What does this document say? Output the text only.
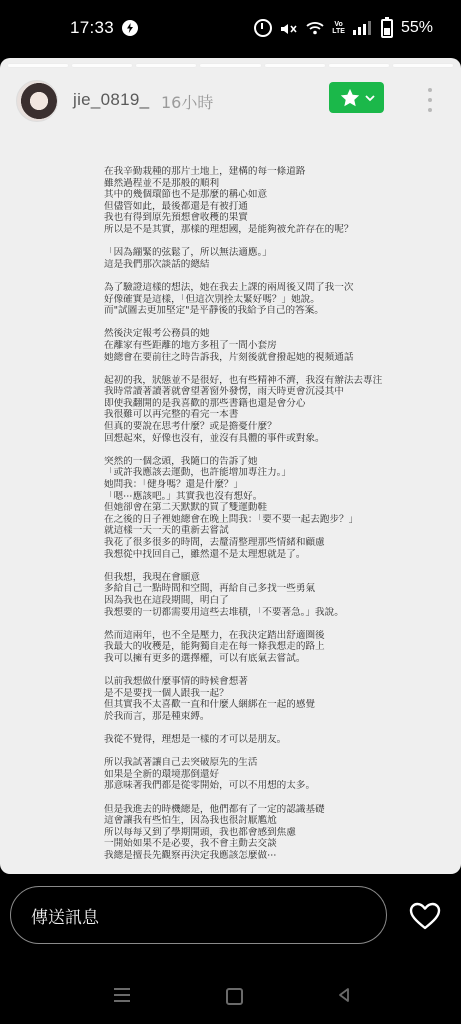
17:33	Vo
LTE	55%
jie_0819_ 16小時
在我辛勤栽種的那片土地上，建構的每一條道路
雖然過程並不是那般的順利
其中的幾個環節也不是那麼的稱心如意
但儘管如此，最後都還是有被打通
我也有得到原先預想會收穫的果實
所以是不是其實，那樣的理想國，是能夠被允許存在的呢？
「因為繃緊的弦鬆了，所以無法適應。」
這是我們那次談話的總結
為了驗證這樣的想法，她在我去上課的兩周後又問了我一次
好像確實是這樣，「但這次別拴太緊好嗎？」她說。
而"試圖去更加堅定"是平靜後的我給予自己的答案。
然後決定報考公務員的她
在離家有些距離的地方多租了一間小套房
她總會在要前往之時告訴我，片刻後就會撥起她的視頻通話
起初的我，狀態並不是很好，也有些精神不濟，我沒有辦法去專注
我時常讀著讀著就會望著窗外發愣，雨天時更會沉浸其中
即使我翻開的是我喜歡的那些書籍也還是會分心
我很難可以再完整的看完一本書
但真的要說在思考什麼？或是擔憂什麼？
回想起來，好像也沒有，並沒有具體的事件或對象。
突然的一個念頭，我隨口的告訴了她
「或許我應該去運動，也許能增加專注力。」
她問我：「健身嗎？還是什麼？」
「嗯⋯應該吧。」其實我也沒有想好。
但她卻會在第二天默默的買了雙運動鞋
在之後的日子裡她總會在晚上問我：「要不要一起去跑步？」
就這樣一天一天的重新去嘗試
我花了很多很多的時間，去釐清整理那些情緒和顧慮
我想從中找回自己，雖然還不是太理想就是了。
但我想，我現在會願意
多給自己一點時間和空間，再給自己多找一些勇氣
因為我也在這段期間，明白了
我想要的一切都需要用這些去堆積，「不要著急。」我說。
然而這兩年，也不全是壓力，在我決定踏出舒適圈後
我最大的收穫是，能夠獨自走在每一條我想走的路上
我可以擁有更多的選擇權，可以有底氣去嘗試。
以前我想做什麼事情的時候會想著
是不是要找一個人跟我一起？
但其實我不太喜歡一直和什麼人綑綁在一起的感覺
於我而言，那是種束縛。
我從不覺得，理想是一樣的才可以是朋友。
所以我試著讓自己去突破原先的生活
如果是全新的環境那倒還好
那意味著我們都是從零開始，可以不用想的太多。
但是我進去的時機總是，他們都有了一定的認識基礎
這會讓我有些怕生，因為我也很討厭尷尬
所以每每又到了學期開頭，我也都會感到焦慮
一開始如果不是必要，我不會主動去交談
我總是擅長先觀察再決定我應該怎麼做⋯
傳送訊息
